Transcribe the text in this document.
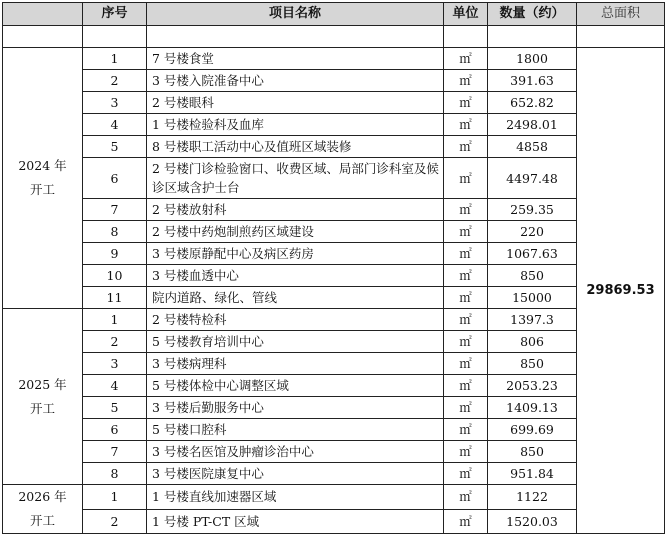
	序号	项目名称	单位	数量（约）	总面积

2024 年
开工	1	7 号楼食堂	㎡	1800	29869.53
	2	3 号楼入院准备中心	㎡	391.63	
	3	2 号楼眼科	㎡	652.82	
	4	1 号楼检验科及血库	㎡	2498.01	
	5	8 号楼职工活动中心及值班区域装修	㎡	4858	
	6	2 号楼门诊检验窗口、收费区域、局部门诊科室及候诊区域含护士台	㎡	4497.48	
	7	2 号楼放射科	㎡	259.35	
	8	2 号楼中药炮制煎药区域建设	㎡	220	
	9	3 号楼原静配中心及病区药房	㎡	1067.63	
	10	3 号楼血透中心	㎡	850	
	11	院内道路、绿化、管线	㎡	15000	

2025 年
开工	1	2 号楼特检科	㎡	1397.3	
	2	5 号楼教育培训中心	㎡	806	
	3	3 号楼病理科	㎡	850	
	4	5 号楼体检中心调整区域	㎡	2053.23	
	5	3 号楼后勤服务中心	㎡	1409.13	
	6	5 号楼口腔科	㎡	699.69	
	7	3 号楼名医馆及肿瘤诊治中心	㎡	850	
	8	3 号楼医院康复中心	㎡	951.84	

2026 年
开工	1	1 号楼直线加速器区域	㎡	1122	
	2	1 号楼 PT-CT 区域	㎡	1520.03	
